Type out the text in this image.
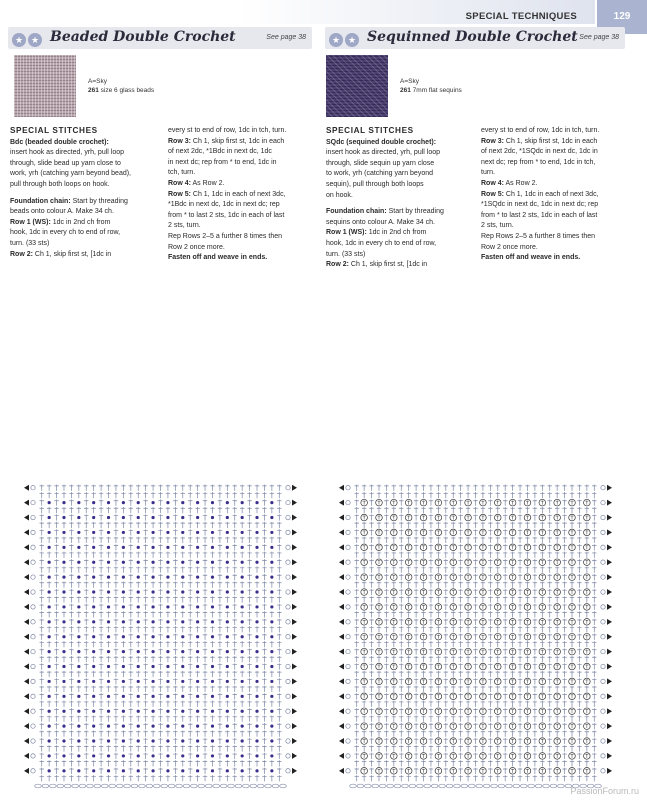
SPECIAL TECHNIQUES	129
★ ★ Beaded Double Crochet	See page 38
A=Sky
261 size 6 glass beads

SPECIAL STITCHES

Bdc (beaded double crochet):

insert hook as directed, yrh, pull loop

through, slide bead up yarn close to

work, yrh (catching yarn beyond bead),

pull through both loops on hook.

Foundation chain: Start by threading

beads onto colour A. Make 34 ch.

Row 1 (WS): 1dc in 2nd ch from

hook, 1dc in every ch to end of row,

turn. (33 sts)

Row 2: Ch 1, skip first st, [1dc in

every st to end of row, 1dc in tch, turn.

Row 3: Ch 1, skip first st, 1dc in each

of next 2dc, *1Bdc in next dc, 1dc

in next dc; rep from * to end, 1dc in

tch, turn.

Row 4: As Row 2.

Row 5: Ch 1, 1dc in each of next 3dc,

*1Bdc in next dc, 1dc in next dc; rep

from * to last 2 sts, 1dc in each of last

2 sts, turn.

Rep Rows 2–5 a further 8 times then

Row 2 once more.

Fasten off and weave in ends.

★ ★ Sequinned Double Crochet See page 38
A=Sky
261 7mm flat sequins

SPECIAL STITCHES

SQdc (sequined double crochet):

insert hook as directed, yrh, pull loop

through, slide sequin up yarn close

to work, yrh (catching yarn beyond

sequin), pull through both loops

on hook.

Foundation chain: Start by threading

sequins onto colour A. Make 34 ch.

Row 1 (WS): 1dc in 2nd ch from

hook, 1dc in every ch to end of row,

turn. (33 sts)

Row 2: Ch 1, skip first st, [1dc in

every st to end of row, 1dc in tch, turn.

Row 3: Ch 1, skip first st, 1dc in each

of next 2dc, *1SQdc in next dc, 1dc in

next dc; rep from * to end, 1dc in tch,

turn.

Row 4: As Row 2.

Row 5: Ch 1, 1dc in each of next 3dc,

*1SQdc in next dc, 1dc in next dc; rep

from * to last 2 sts, 1dc in each of last

2 sts, turn.

Rep Rows 2–5 a further 8 times then

Row 2 once more.

Fasten off and weave in ends.

PassionForum.ru
